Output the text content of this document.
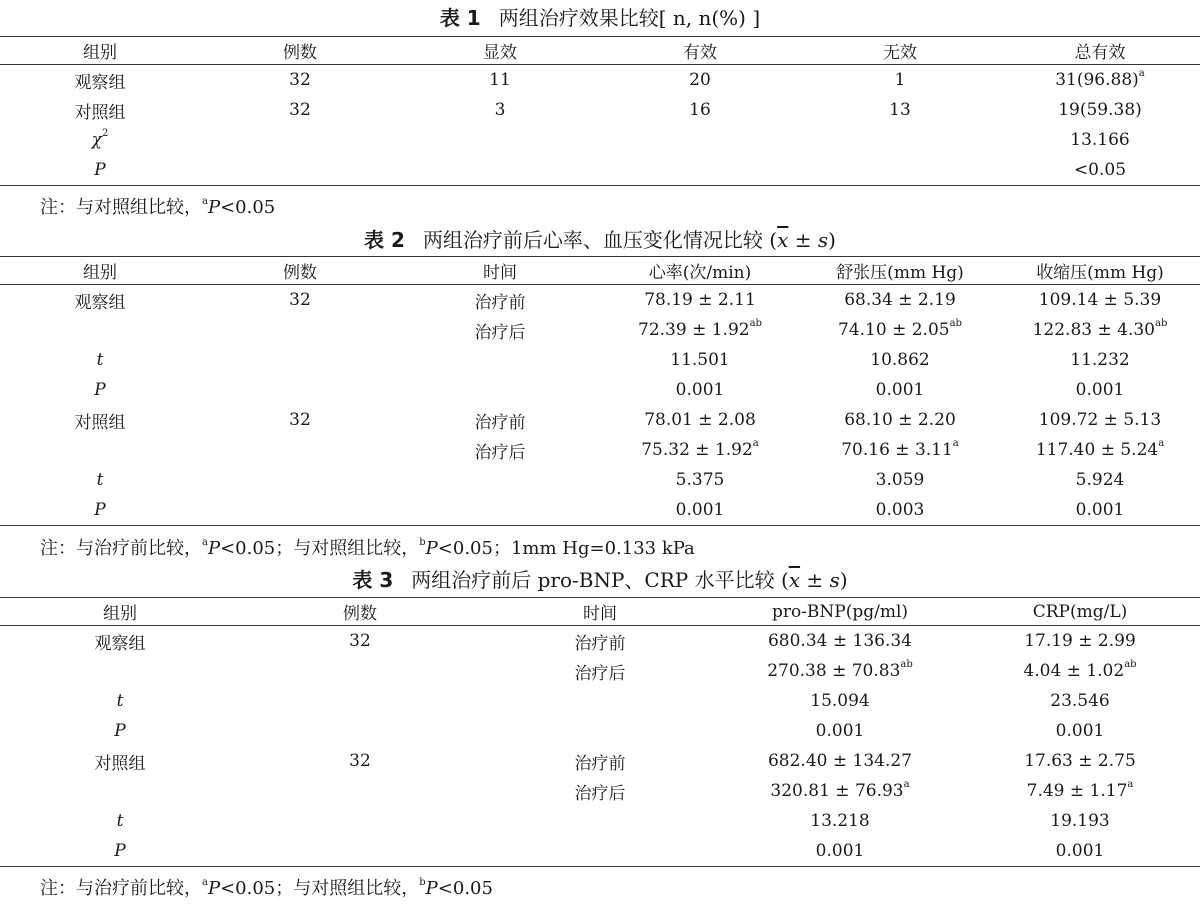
表 1 两组治疗效果比较[ n, n(%) ]
组别	例数	显效	有效	无效	总有效
观察组	32	11	20	1	$31(96.88)^a$
对照组	32	3	16	13	19(59.38)
$\chi^2$					13.166
P					<0.05
注：与对照组比较，$^a$P<0.05
表 2 两组治疗前后心率、血压变化情况比较 $(\overline{x} \pm s)$
组别	例数	时间	心率(次/min)	舒张压(mm Hg)	收缩压(mm Hg)
观察组	32	治疗前	78.19 ± 2.11	68.34 ± 2.19	109.14 ± 5.39
		治疗后	72.39 ± 1.92$^{ab}$	74.10 ± 2.05$^{ab}$	122.83 ± 4.30$^{ab}$
t			11.501	10.862	11.232
P			0.001	0.001	0.001
对照组	32	治疗前	78.01 ± 2.08	68.10 ± 2.20	109.72 ± 5.13
		治疗后	75.32 ± 1.92$^a$	70.16 ± 3.11$^a$	117.40 ± 5.24$^a$
t			5.375	3.059	5.924
P			0.001	0.003	0.001
注：与治疗前比较，$^a$P<0.05；与对照组比较，$^b$P<0.05；1mm Hg=0.133 kPa
表 3 两组治疗前后 pro-BNP、CRP 水平比较 $(\overline{x} \pm s)$
组别	例数	时间	pro-BNP(pg/ml)	CRP(mg/L)
观察组	32	治疗前	680.34 ± 136.34	17.19 ± 2.99
		治疗后	270.38 ± 70.83$^{ab}$	4.04 ± 1.02$^{ab}$
t			15.094	23.546
P			0.001	0.001
对照组	32	治疗前	682.40 ± 134.27	17.63 ± 2.75
		治疗后	320.81 ± 76.93$^a$	7.49 ± 1.17$^a$
t			13.218	19.193
P			0.001	0.001
注：与治疗前比较，$^a$P<0.05；与对照组比较，$^b$P<0.05
